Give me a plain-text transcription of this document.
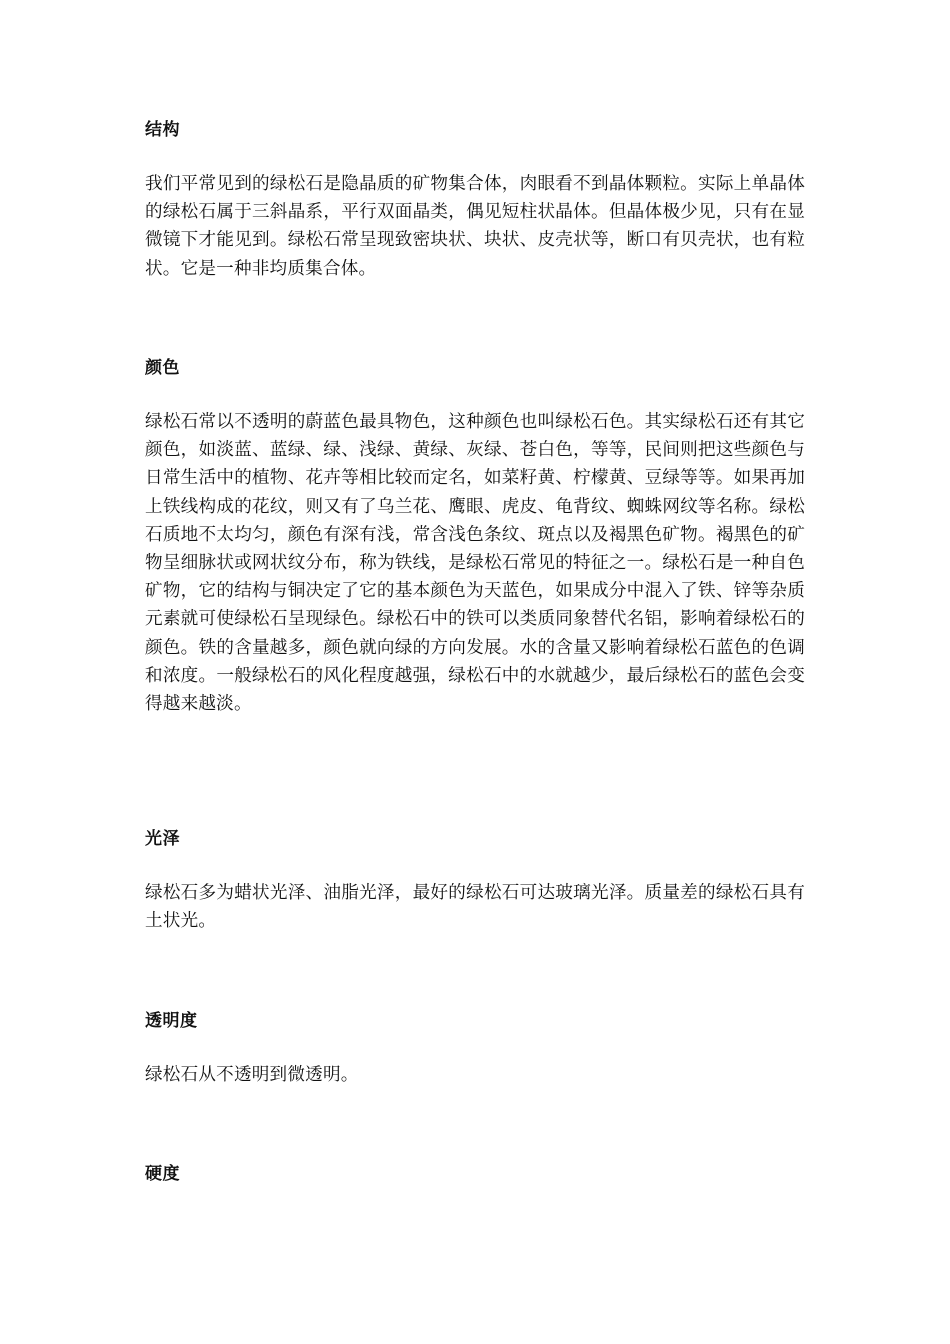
结构

我们平常见到的绿松石是隐晶质的矿物集合体，肉眼看不到晶体颗粒。实际上单晶体的绿松石属于三斜晶系，平行双面晶类，偶见短柱状晶体。但晶体极少见，只有在显微镜下才能见到。绿松石常呈现致密块状、块状、皮壳状等，断口有贝壳状，也有粒状。它是一种非均质集合体。

颜色

绿松石常以不透明的蔚蓝色最具物色，这种颜色也叫绿松石色。其实绿松石还有其它颜色，如淡蓝、蓝绿、绿、浅绿、黄绿、灰绿、苍白色，等等，民间则把这些颜色与日常生活中的植物、花卉等相比较而定名，如菜籽黄、柠檬黄、豆绿等等。如果再加上铁线构成的花纹，则又有了乌兰花、鹰眼、虎皮、龟背纹、蜘蛛网纹等名称。绿松石质地不太均匀，颜色有深有浅，常含浅色条纹、斑点以及褐黑色矿物。褐黑色的矿物呈细脉状或网状纹分布，称为铁线，是绿松石常见的特征之一。绿松石是一种自色矿物，它的结构与铜决定了它的基本颜色为天蓝色，如果成分中混入了铁、锌等杂质元素就可使绿松石呈现绿色。绿松石中的铁可以类质同象替代名铝，影响着绿松石的颜色。铁的含量越多，颜色就向绿的方向发展。水的含量又影响着绿松石蓝色的色调和浓度。一般绿松石的风化程度越强，绿松石中的水就越少，最后绿松石的蓝色会变得越来越淡。

光泽

绿松石多为蜡状光泽、油脂光泽，最好的绿松石可达玻璃光泽。质量差的绿松石具有土状光。

透明度

绿松石从不透明到微透明。

硬度
